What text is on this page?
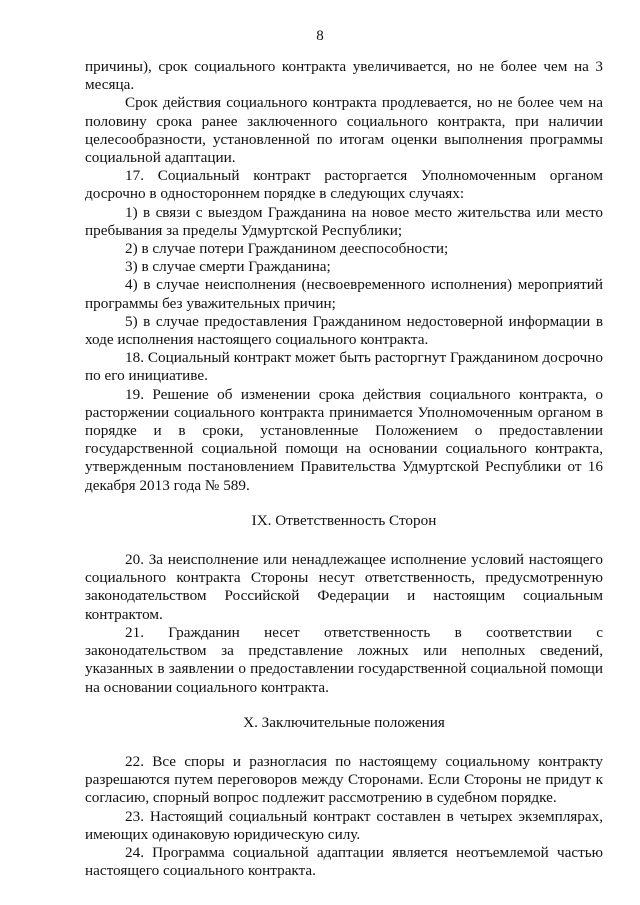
8
причины), срок социального контракта увеличивается, но не более чем на 3 месяца.
Срок действия социального контракта продлевается, но не более чем на половину срока ранее заключенного социального контракта, при наличии целесообразности, установленной по итогам оценки выполнения программы социальной адаптации.
17. Социальный контракт расторгается Уполномоченным органом досрочно в одностороннем порядке в следующих случаях:
1) в связи с выездом Гражданина на новое место жительства или место пребывания за пределы Удмуртской Республики;
2) в случае потери Гражданином дееспособности;
3) в случае смерти Гражданина;
4) в случае неисполнения (несвоевременного исполнения) мероприятий программы без уважительных причин;
5) в случае предоставления Гражданином недостоверной информации в ходе исполнения настоящего социального контракта.
18. Социальный контракт может быть расторгнут Гражданином досрочно по его инициативе.
19. Решение об изменении срока действия социального контракта, о расторжении социального контракта принимается Уполномоченным органом в порядке и в сроки, установленные Положением о предоставлении государственной социальной помощи на основании социального контракта, утвержденным постановлением Правительства Удмуртской Республики от 16 декабря 2013 года № 589.
IX. Ответственность Сторон
20. За неисполнение или ненадлежащее исполнение условий настоящего социального контракта Стороны несут ответственность, предусмотренную законодательством Российской Федерации и настоящим социальным контрактом.
21. Гражданин несет ответственность в соответствии с законодательством за представление ложных или неполных сведений, указанных в заявлении о предоставлении государственной социальной помощи на основании социального контракта.
X. Заключительные положения
22. Все споры и разногласия по настоящему социальному контракту разрешаются путем переговоров между Сторонами. Если Стороны не придут к согласию, спорный вопрос подлежит рассмотрению в судебном порядке.
23. Настоящий социальный контракт составлен в четырех экземплярах, имеющих одинаковую юридическую силу.
24. Программа социальной адаптации является неотъемлемой частью настоящего социального контракта.
